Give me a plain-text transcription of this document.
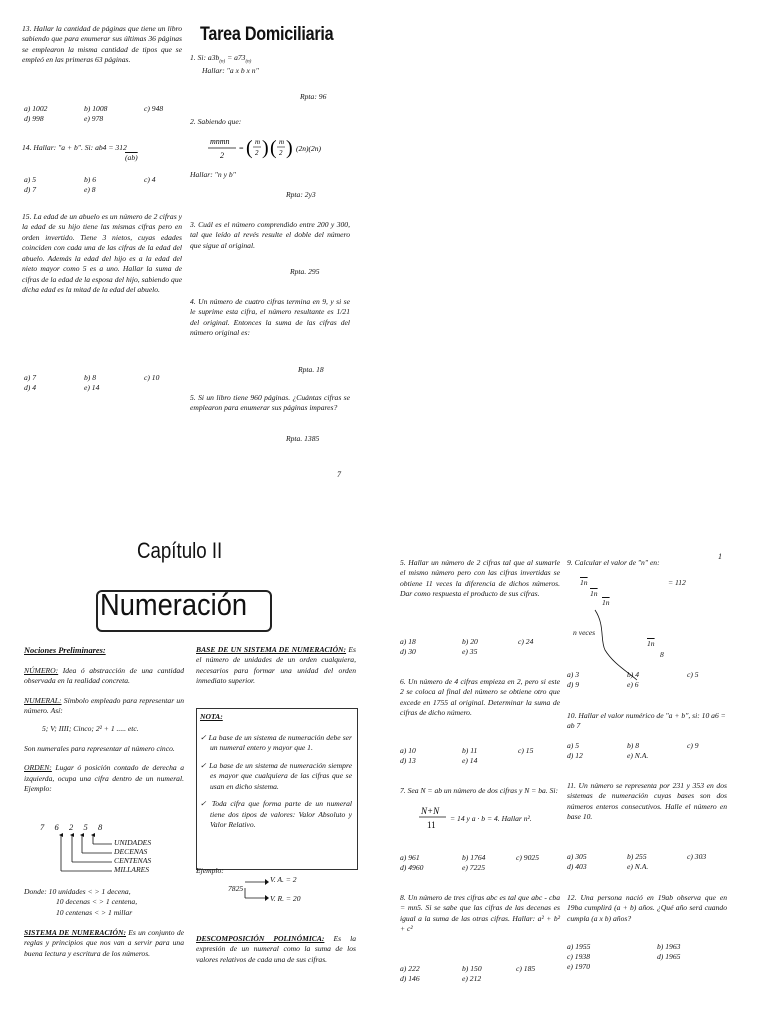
13. Hallar la cantidad de páginas que tiene un libro sabiendo que para enumerar sus últimas 36 páginas se emplearon la misma cantidad de tipos que se empleó en las primeras 63 páginas.

a) 1002	b) 1008	c) 948
d) 998	e) 978

14. Hallar: "a + b". Si: ab4 = 312

(ab)

a) 5	b) 6	c) 4
d) 7	e) 8

15. La edad de un abuelo es un número de 2 cifras y la edad de su hijo tiene las mismas cifras pero en orden invertido. Tiene 3 nietos, cuyas edades coinciden con cada una de las cifras de la edad del abuelo. Además la edad del hijo es a la edad del nieto mayor como 5 es a uno. Hallar la suma de cifras de la edad de la esposa del hijo, sabiendo que dicha edad es la mitad de la edad del abuelo.

a) 7	b) 8	c) 10
d) 4	e) 14
Tarea Domiciliaria

1. Si: $a3b_{(n)} = a73_{(n)}$

Hallar: "a x b x n"

Rpta: 96

2. Sabiendo que:

mnmn
2
= ( m
2 ) ( m
2 ) (2n)(2n)
Hallar: "n y b"
Rpta: 2y3

3. Cuál es el número comprendido entre 200 y 300, tal que leído al revés resulte el doble del número que sigue al original.

Rpta. 295

4. Un número de cuatro cifras termina en 9, y si se le suprime esta cifra, el número resultante es 1/21 del original. Entonces la suma de las cifras del número original es:

Rpta. 18

5. Si un libro tiene 960 páginas. ¿Cuántas cifras se emplearon para enumerar sus páginas impares?

Rpta. 1385
7
Capítulo II
Numeración

Nociones Preliminares:

NÚMERO: Idea ó abstracción de una cantidad observada en la realidad concreta.

NUMERAL: Símbolo empleado para representar un número. Así:

5; V; IIII; Cinco; 2² + 1 ..... etc.

Son numerales para representar al número cinco.

ORDEN: Lugar ó posición contado de derecha a izquierda, ocupa una cifra dentro de un numeral. Ejemplo:

7  6  2  5  8

UNIDADES

DECENAS

CENTENAS

MILLARES

Donde: 10 unidades < > 1 decena,

10 decenas < > 1 centena,

10 centenas < > 1 millar

SISTEMA DE NUMERACIÓN: Es un conjunto de reglas y principios que nos van a servir para una buena lectura y escritura de los números.

BASE DE UN SISTEMA DE NUMERACIÓN: Es el número de unidades de un orden cualquiera, necesarios para formar una unidad del orden inmediato superior.

NOTA:

✓ La base de un sistema de numeración debe ser un numeral entero y mayor que 1.

✓ La base de un sistema de numeración siempre es mayor que cualquiera de las cifras que se usan en dicho sistema.

✓ Toda cifra que forma parte de un numeral tiene dos tipos de valores: Valor Absoluto y Valor Relativo.

Ejemplo:
7825
V. A. = 2
V. R. = 20

DESCOMPOSICIÓN POLINÓMICA: Es la expresión de un numeral como la suma de los valores relativos de cada una de sus cifras.

5. Hallar un número de 2 cifras tal que al sumarle el mismo número pero con las cifras invertidas se obtiene 11 veces la diferencia de dichos números. Dar como respuesta el producto de sus cifras.

a) 18	b) 20	c) 24
d) 30	e) 35

6. Un número de 4 cifras empieza en 2, pero si este 2 se coloca al final del número se obtiene otro que excede en 1755 al original. Determinar la suma de cifras de dicho número.

a) 10	b) 11	c) 15
d) 13	e) 14

7. Sea N = ab un número de dos cifras y N = ba. Si:

N+N
11
= 14 y a · b = 4. Hallar n².
a) 961	b) 1764	c) 9025
d) 4960	e) 7225

8. Un número de tres cifras abc es tal que abc - cba = mn5. Si se sabe que las cifras de las decenas es igual a la suma de las otras cifras. Hallar: a² + b² + c²

a) 222	b) 150	c) 185
d) 146	e) 212
1
9. Calcular el valor de "n" en:
1n	= 112
1n
1n
n veces
1n
8
a) 3	b) 4	c) 5
d) 9	e) 6
10. Hallar el valor numérico de "a + b", si: 10 a6 = ab 7
a) 5	b) 8	c) 9
d) 12	e) N.A.

11. Un número se representa por 231 y 353 en dos sistemas de numeración cuyas bases son dos números enteros consecutivos. Halle el número en base 10.

a) 305	b) 255	c) 303
d) 403	e) N.A.

12. Una persona nació en 19ab observa que en 19ba cumplirá (a + b) años. ¿Qué año será cuando cumpla (a x b) años?

a) 1955	b) 1963
c) 1938	d) 1965
e) 1970
